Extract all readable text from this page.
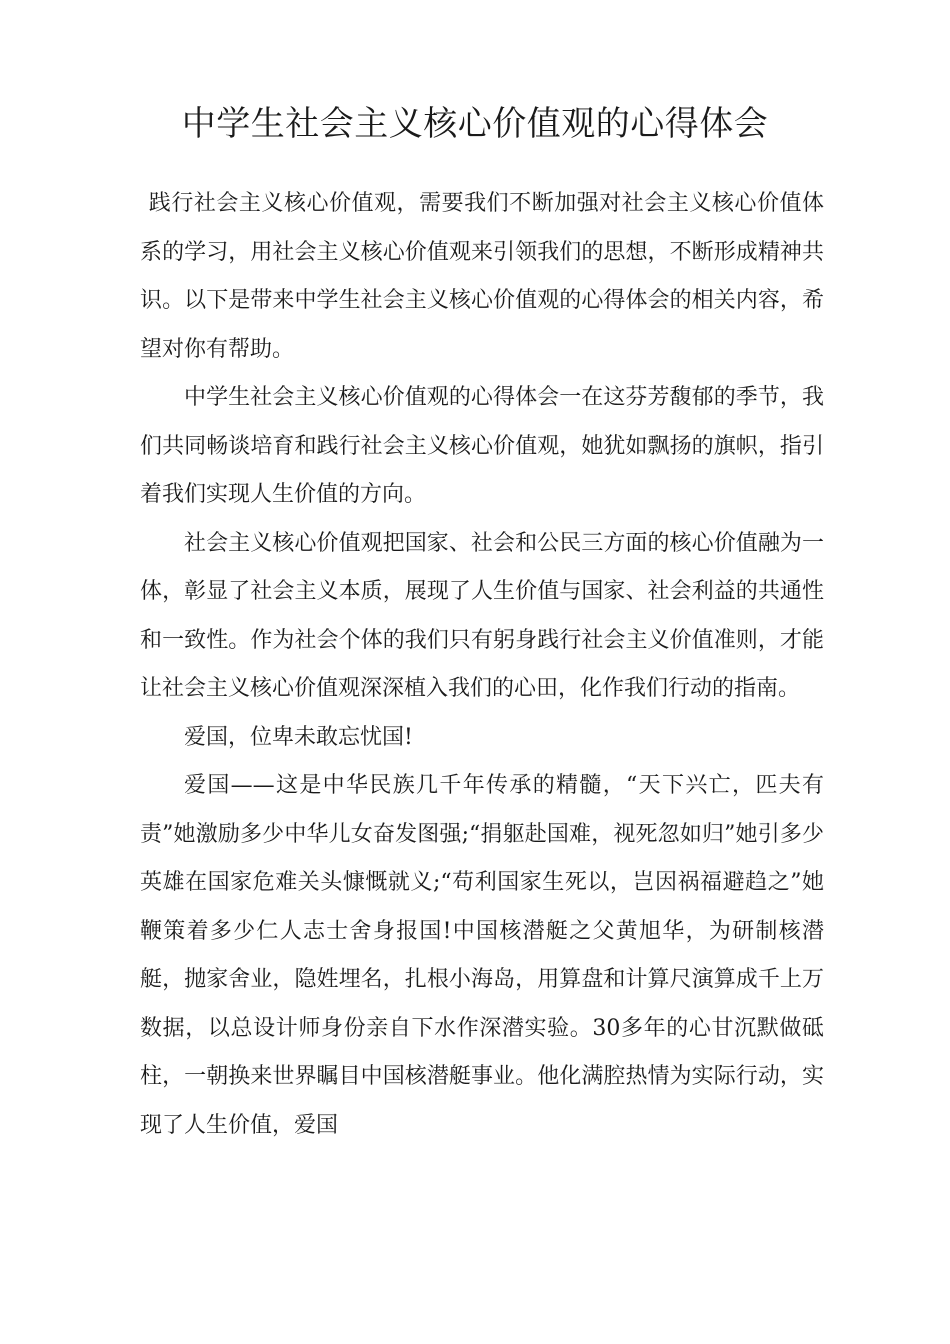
中学生社会主义核心价值观的心得体会

践行社会主义核心价值观，需要我们不断加强对社会主义核心价值体系的学习，用社会主义核心价值观来引领我们的思想，不断形成精神共识。以下是带来中学生社会主义核心价值观的心得体会的相关内容，希望对你有帮助。

中学生社会主义核心价值观的心得体会一在这芬芳馥郁的季节，我们共同畅谈培育和践行社会主义核心价值观，她犹如飘扬的旗帜，指引着我们实现人生价值的方向。

社会主义核心价值观把国家、社会和公民三方面的核心价值融为一体，彰显了社会主义本质，展现了人生价值与国家、社会利益的共通性和一致性。作为社会个体的我们只有躬身践行社会主义价值准则，才能让社会主义核心价值观深深植入我们的心田，化作我们行动的指南。

爱国，位卑未敢忘忧国!

爱国——这是中华民族几千年传承的精髓，“天下兴亡，匹夫有责”她激励多少中华儿女奋发图强;“捐躯赴国难，视死忽如归”她引多少英雄在国家危难关头慷慨就义;“苟利国家生死以，岂因祸福避趋之”她鞭策着多少仁人志士舍身报国!中国核潜艇之父黄旭华，为研制核潜艇，抛家舍业，隐姓埋名，扎根小海岛，用算盘和计算尺演算成千上万数据，以总设计师身份亲自下水作深潜实验。30多年的心甘沉默做砥柱，一朝换来世界瞩目中国核潜艇事业。他化满腔热情为实际行动，实现了人生价值，爱国
